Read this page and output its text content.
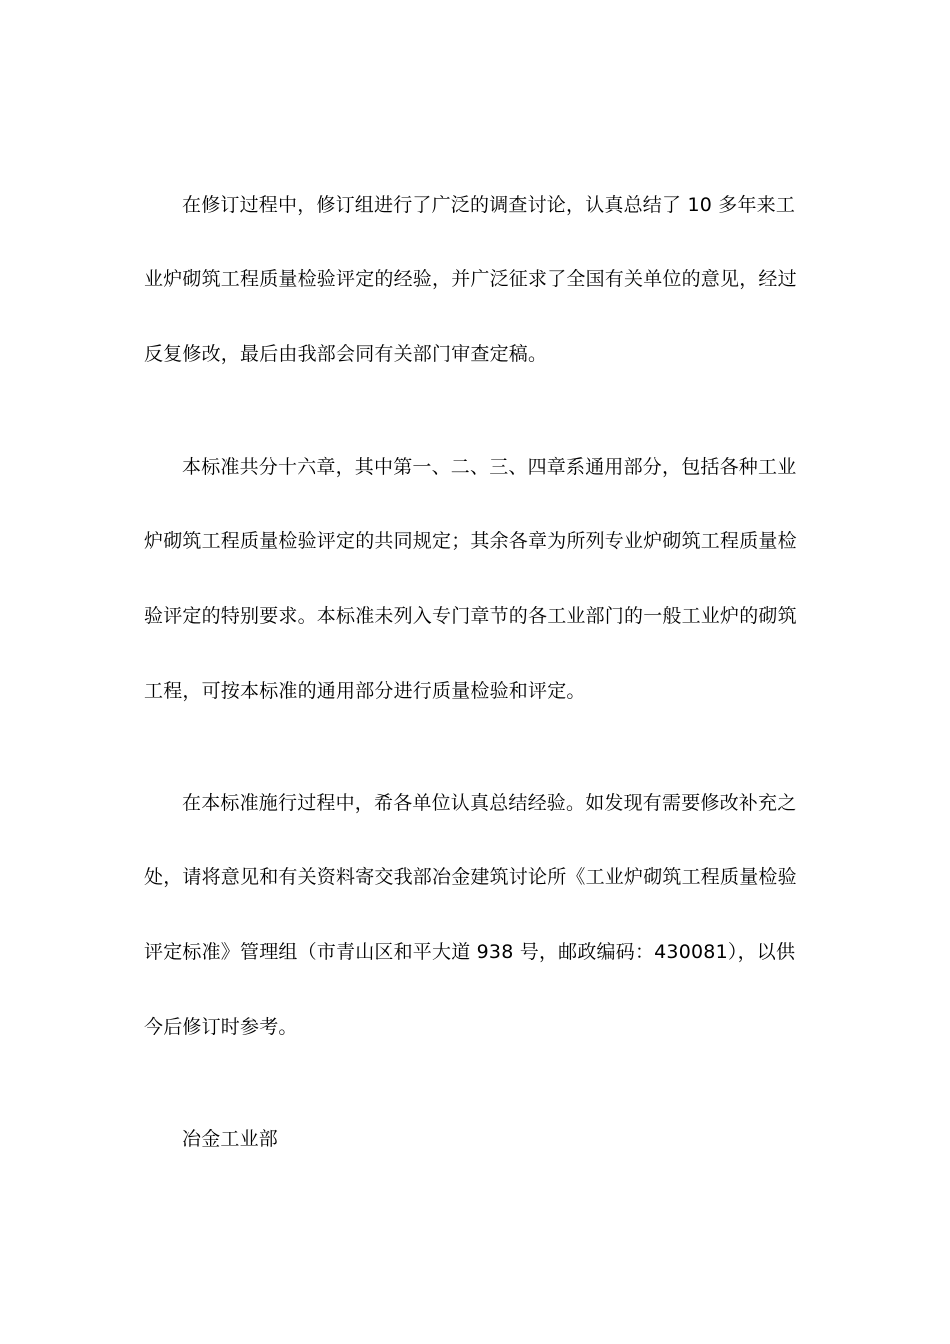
在修订过程中，修订组进行了广泛的调查讨论，认真总结了 10 多年来工
业炉砌筑工程质量检验评定的经验，并广泛征求了全国有关单位的意见，经过
反复修改，最后由我部会同有关部门审查定稿。
本标准共分十六章，其中第一、二、三、四章系通用部分，包括各种工业
炉砌筑工程质量检验评定的共同规定；其余各章为所列专业炉砌筑工程质量检
验评定的特别要求。本标准未列入专门章节的各工业部门的一般工业炉的砌筑
工程，可按本标准的通用部分进行质量检验和评定。
在本标准施行过程中，希各单位认真总结经验。如发现有需要修改补充之
处，请将意见和有关资料寄交我部冶金建筑讨论所《工业炉砌筑工程质量检验
评定标准》管理组（市青山区和平大道 938 号，邮政编码：430081），以供
今后修订时参考。
冶金工业部
